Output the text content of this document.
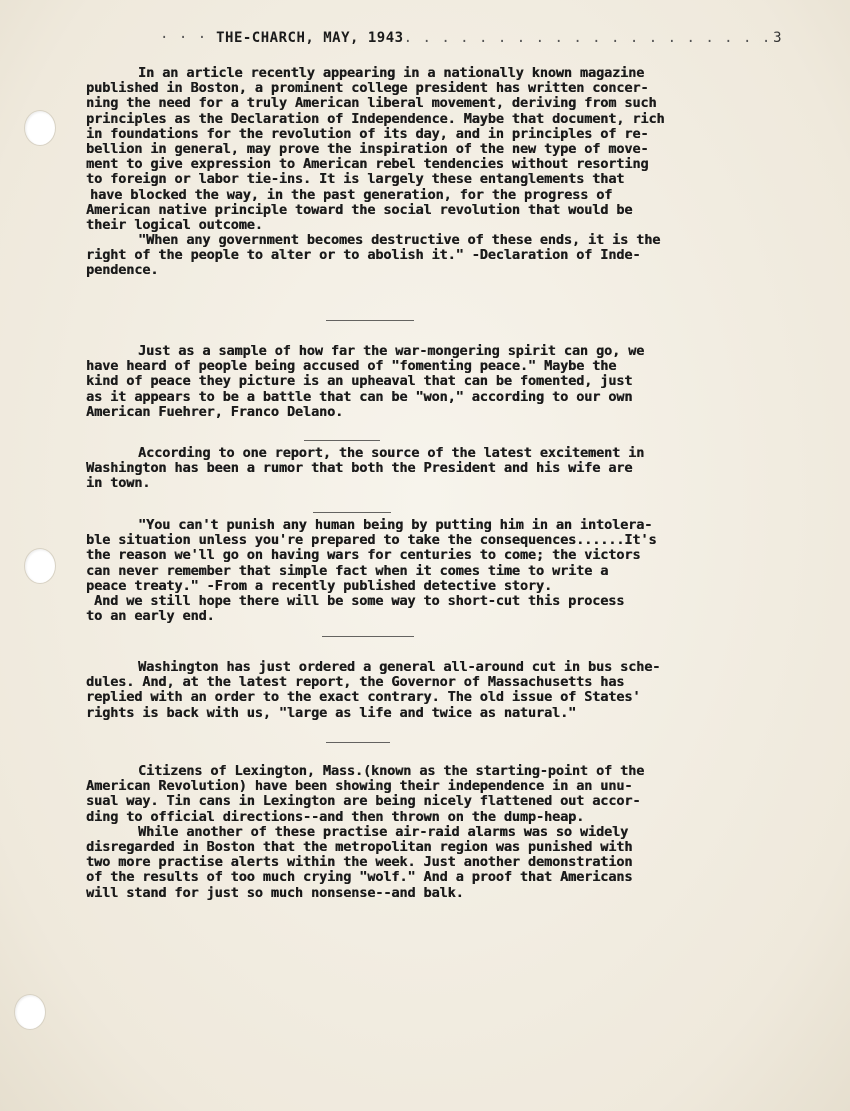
· · · THE-CHARCH, MAY, 1943. . . . . . . . . . . . . . . . . . . . 3
In an article recently appearing in a nationally known magazine
published in Boston, a prominent college president has written concer-
ning the need for a truly American liberal movement, deriving from such
principles as the Declaration of Independence. Maybe that document, rich
in foundations for the revolution of its day, and in principles of re-
bellion in general, may prove the inspiration of the new type of move-
ment to give expression to American rebel tendencies without resorting
to foreign or labor tie-ins. It is largely these entanglements that
have blocked the way, in the past generation, for the progress of
American native principle toward the social revolution that would be
their logical outcome.
"When any government becomes destructive of these ends, it is the
right of the people to alter or to abolish it." -Declaration of Inde-
pendence.
Just as a sample of how far the war-mongering spirit can go, we
have heard of people being accused of "fomenting peace." Maybe the
kind of peace they picture is an upheaval that can be fomented, just
as it appears to be a battle that can be "won," according to our own
American Fuehrer, Franco Delano.
According to one report, the source of the latest excitement in
Washington has been a rumor that both the President and his wife are
in town.
"You can't punish any human being by putting him in an intolera-
ble situation unless you're prepared to take the consequences......It's
the reason we'll go on having wars for centuries to come; the victors
can never remember that simple fact when it comes time to write a
peace treaty." -From a recently published detective story.
And we still hope there will be some way to short-cut this process
to an early end.
Washington has just ordered a general all-around cut in bus sche-
dules. And, at the latest report, the Governor of Massachusetts has
replied with an order to the exact contrary. The old issue of States'
rights is back with us, "large as life and twice as natural."
Citizens of Lexington, Mass.(known as the starting-point of the
American Revolution) have been showing their independence in an unu-
sual way. Tin cans in Lexington are being nicely flattened out accor-
ding to official directions--and then thrown on the dump-heap.
While another of these practise air-raid alarms was so widely
disregarded in Boston that the metropolitan region was punished with
two more practise alerts within the week. Just another demonstration
of the results of too much crying "wolf." And a proof that Americans
will stand for just so much nonsense--and balk.
